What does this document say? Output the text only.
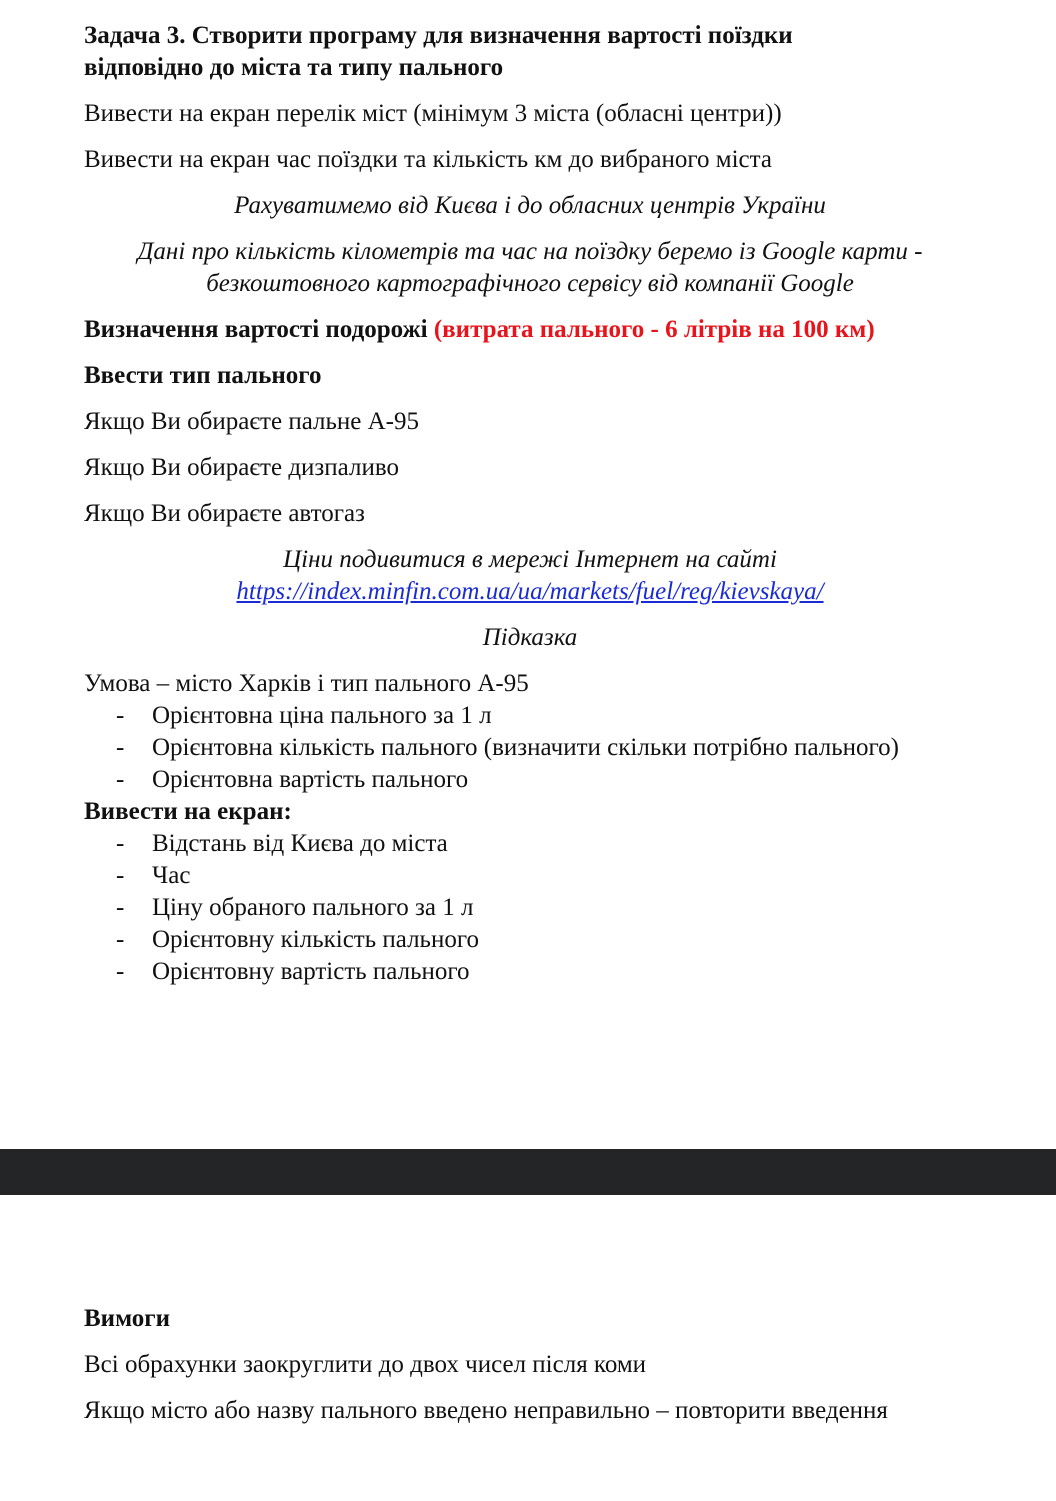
Задача 3. Створити програму для визначення вартості поїздки

відповідно до міста та типу пального

Вивести на екран перелік міст (мінімум 3 міста (обласні центри))

Вивести на екран час поїздки та кількість км до вибраного міста

Рахуватимемо від Києва і до обласних центрів України

Дані про кількість кілометрів та час на поїздку беремо із Google карти -

безкоштовного картографічного сервісу від компанії Google

Визначення вартості подорожі (витрата пального - 6 літрів на 100 км)

Ввести тип пального

Якщо Ви обираєте пальне А-95

Якщо Ви обираєте дизпаливо

Якщо Ви обираєте автогаз

Ціни подивитися в мережі Інтернет на сайті

https://index.minfin.com.ua/ua/markets/fuel/reg/kievskaya/

Підказка

Умова – місто Харків і тип пального А-95

- Орієнтовна ціна пального за 1 л
- Орієнтовна кількість пального (визначити скільки потрібно пального)
- Орієнтовна вартість пального

Вивести на екран:

- Відстань від Києва до міста
- Час
- Ціну обраного пального за 1 л
- Орієнтовну кількість пального
- Орієнтовну вартість пального

Вимоги

Всі обрахунки заокруглити до двох чисел після коми

Якщо місто або назву пального введено неправильно – повторити введення
